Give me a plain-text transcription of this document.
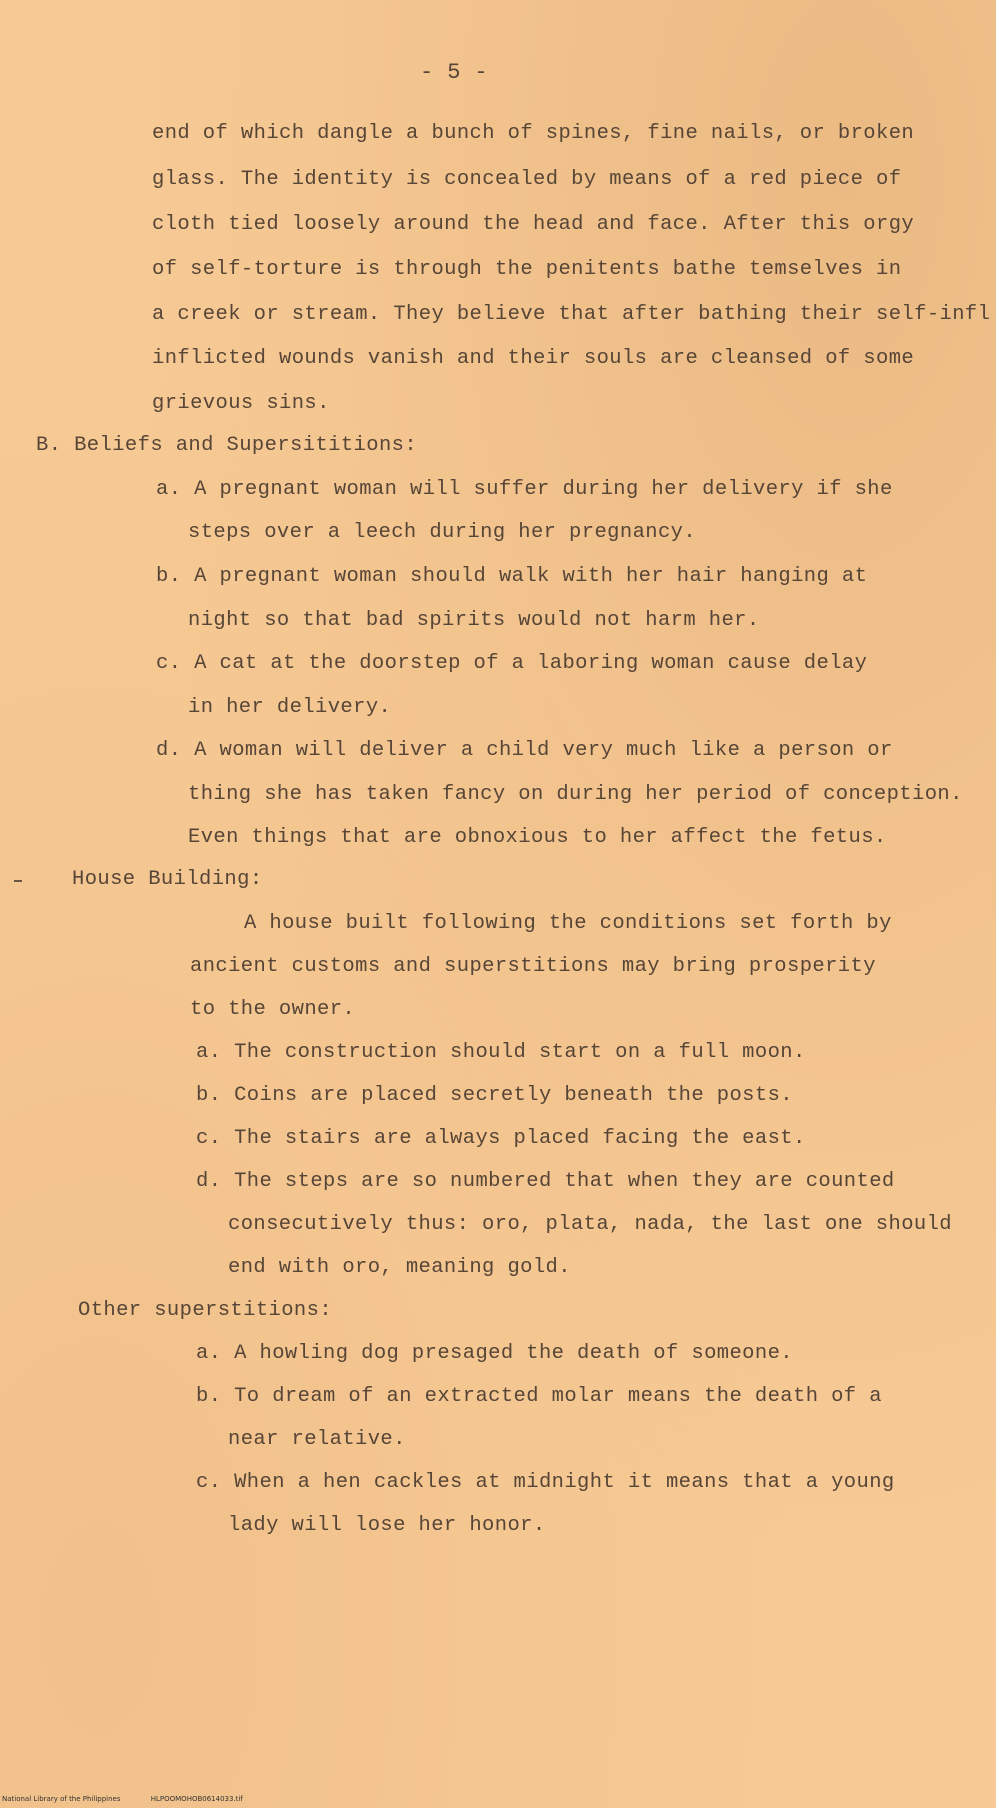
- 5 -
end of which dangle a bunch of spines, fine nails, or broken
glass. The identity is concealed by means of a red piece of
cloth tied loosely around the head and face. After this orgy
of self-torture is through the penitents bathe temselves in
a creek or stream. They believe that after bathing their self-infl
inflicted wounds vanish and their souls are cleansed of some
grievous sins.
B. Beliefs and Supersititions:
a. A pregnant woman will suffer during her delivery if she
steps over a leech during her pregnancy.
b. A pregnant woman should walk with her hair hanging at
night so that bad spirits would not harm her.
c. A cat at the doorstep of a laboring woman cause delay
in her delivery.
d. A woman will deliver a child very much like a person or
thing she has taken fancy on during her period of conception.
Even things that are obnoxious to her affect the fetus.
House Building:
A house built following the conditions set forth by
ancient customs and superstitions may bring prosperity
to the owner.
a. The construction should start on a full moon.
b. Coins are placed secretly beneath the posts.
c. The stairs are always placed facing the east.
d. The steps are so numbered that when they are counted
consecutively thus: oro, plata, nada, the last one should
end with oro, meaning gold.
Other superstitions:
a. A howling dog presaged the death of someone.
b. To dream of an extracted molar means the death of a
near relative.
c. When a hen cackles at midnight it means that a young
lady will lose her honor.
National Library of the Philippines	HLPOOMOHOB0614033.tif
